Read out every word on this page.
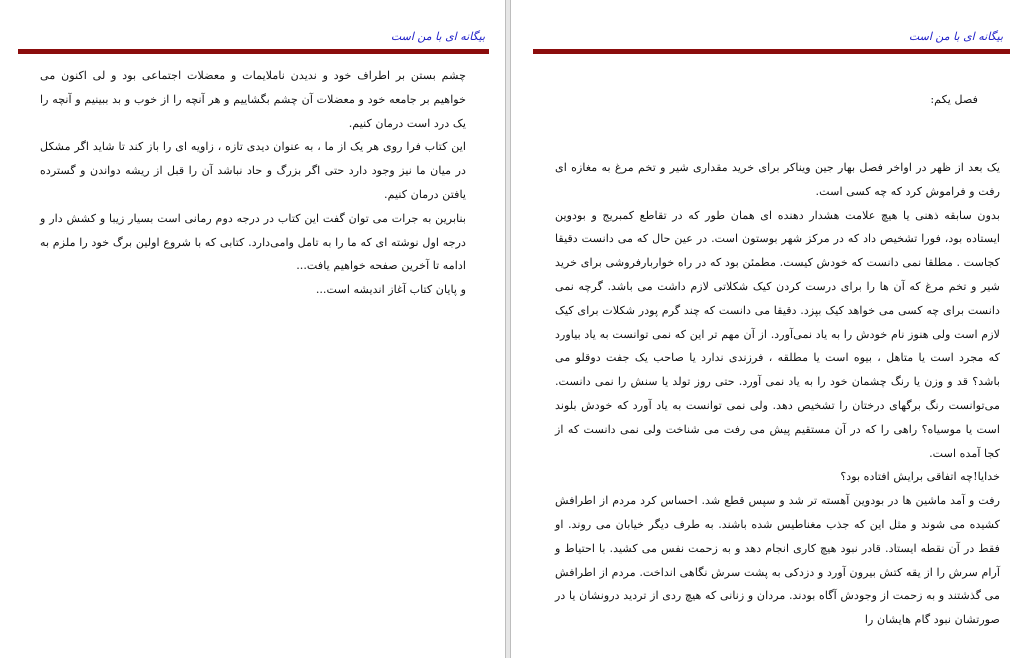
بیگانه ای با من است

چشم بستن بر اطراف خود و ندیدن ناملایمات و معضلات اجتماعی بود و لی اکنون می خواهیم بر جامعه خود و معضلات آن چشم بگشاییم و هر آنچه را از خوب و بد ببینیم و آنچه را یک درد است درمان کنیم.

این کتاب فرا روی هر یک از ما ، به عنوان دیدی تازه ، زاویه ای را باز کند تا شاید اگر مشکل در میان ما نیز وجود دارد حتی اگر بزرگ و حاد نباشد آن را قبل از ریشه دواندن و گسترده یافتن درمان کنیم.

بنابرین به جرات می توان گفت این کتاب در درجه دوم رمانی است بسیار زیبا و کشش دار و درجه اول نوشته ای که ما را به تامل وامی‌دارد. کتابی که با شروع اولین برگ خود را ملزم به ادامه تا آخرین صفحه خواهیم یافت...

و پایان کتاب آغاز اندیشه است...

بیگانه ای با من است
فصل یکم:

یک بعد از ظهر در اواخر فصل بهار جین ویناکر برای خرید مقداری شیر و تخم مرغ به مغازه ای رفت و فراموش کرد که چه کسی است.

بدون سابقه ذهنی یا هیچ علامت هشدار دهنده ای همان طور که در تقاطع کمبریج و بودوین ایستاده بود، فورا تشخیص داد که در مرکز شهر بوستون است. در عین حال که می دانست دقیقا کجاست . مطلقا نمی دانست که خودش کیست. مطمئن بود که در راه خواربارفروشی برای خرید شیر و تخم مرغ که آن ها را برای درست کردن کیک شکلاتی لازم داشت می باشد. گرچه نمی دانست برای چه کسی می خواهد کیک بپزد. دقیقا می دانست که چند گرم پودر شکلات برای کیک لازم است ولی هنوز نام خودش را به یاد نمی‌آورد. از آن مهم تر این که نمی توانست به یاد بیاورد که مجرد است یا متاهل ، بیوه است یا مطلقه ، فرزندی ندارد یا صاحب یک جفت دوقلو می باشد؟ قد و وزن یا رنگ چشمان خود را به یاد نمی آورد. حتی روز تولد یا سنش را نمی دانست. می‌توانست رنگ برگهای درختان را تشخیص دهد. ولی نمی توانست به یاد آورد که خودش بلوند است یا موسیاه؟ راهی را که در آن مستقیم پیش می رفت می شناخت ولی نمی دانست که از کجا آمده است.

خدایا!چه اتفاقی برایش افتاده بود؟

رفت و آمد ماشین ها در بودوین آهسته تر شد و سپس قطع شد. احساس کرد مردم از اطرافش کشیده می شوند و مثل این که جذب مغناطیس شده باشند. به طرف دیگر خیابان می روند. او فقط در آن نقطه ایستاد. قادر نبود هیچ کاری انجام دهد و به زحمت نفس می کشید. با احتیاط و آرام سرش را از یقه کتش بیرون آورد و دزدکی به پشت سرش نگاهی انداخت. مردم از اطرافش می گذشتند و به زحمت از وجودش آگاه بودند. مردان و زنانی که هیچ ردی از تردید درونشان یا در صورتشان نبود گام هایشان را
